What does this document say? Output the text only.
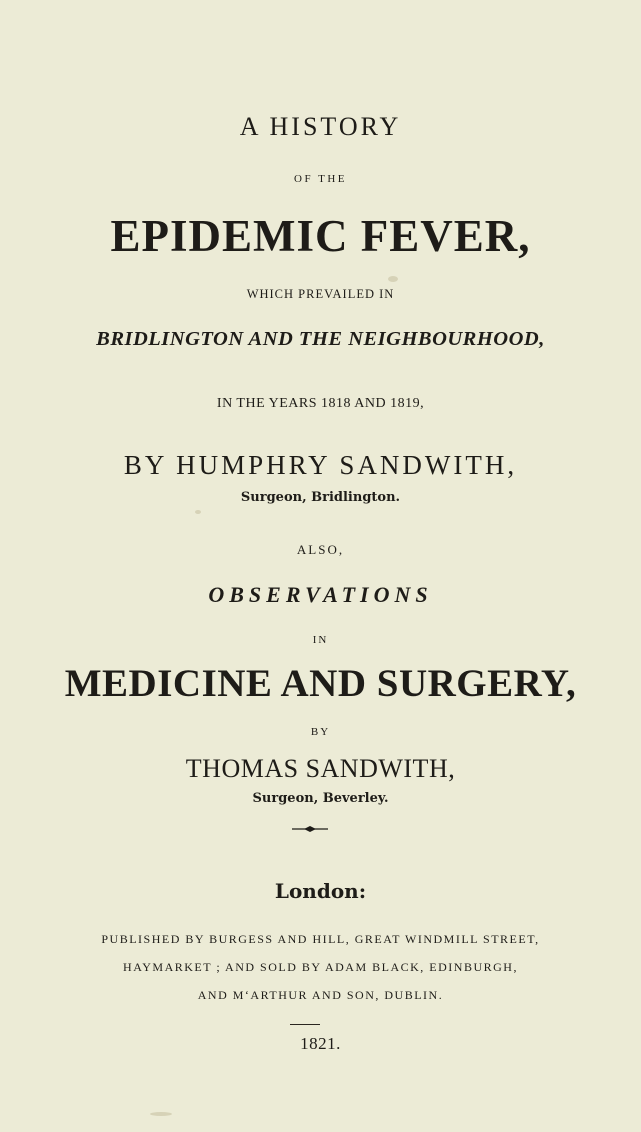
A HISTORY
OF THE
EPIDEMIC FEVER,
WHICH PREVAILED IN
BRIDLINGTON AND THE NEIGHBOURHOOD,
IN THE YEARS 1818 AND 1819,
BY HUMPHRY SANDWITH,
Surgeon, Bridlington.
ALSO,
OBSERVATIONS
IN
MEDICINE AND SURGERY,
BY
THOMAS SANDWITH,
Surgeon, Beverley.
London:
PUBLISHED BY BURGESS AND HILL, GREAT WINDMILL STREET,
HAYMARKET ; AND SOLD BY ADAM BLACK, EDINBURGH,
AND M‘ARTHUR AND SON, DUBLIN.
1821.
